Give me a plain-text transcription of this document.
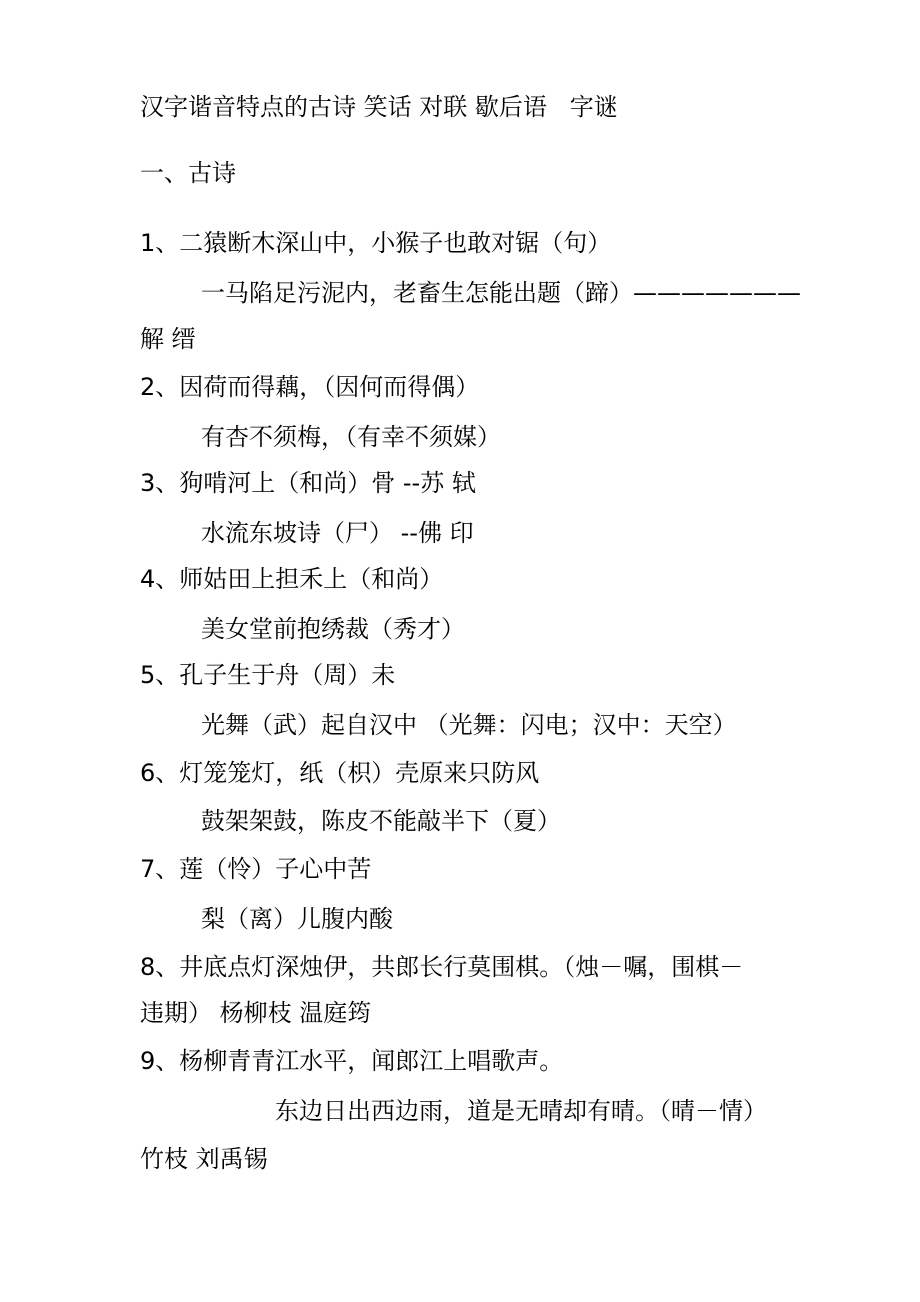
汉字谐音特点的古诗 笑话 对联 歇后语   字谜

一、古诗

1、二猿断木深山中，小猴子也敢对锯（句）

一马陷足污泥内，老畜生怎能出题（蹄）———————

解 缙

2、因荷而得藕，（因何而得偶）

有杏不须梅，（有幸不须媒）

3、狗啃河上（和尚）骨 --苏 轼

水流东坡诗（尸） --佛 印

4、师姑田上担禾上（和尚）

美女堂前抱绣裁（秀才）

5、孔子生于舟（周）未

光舞（武）起自汉中 （光舞：闪电；汉中：天空）

6、灯笼笼灯，纸（枳）壳原来只防风

鼓架架鼓，陈皮不能敲半下（夏）

7、莲（怜）子心中苦

梨（离）儿腹内酸

8、井底点灯深烛伊，共郎长行莫围棋。（烛－嘱，围棋－

违期） 杨柳枝 温庭筠

9、杨柳青青江水平，闻郎江上唱歌声。

东边日出西边雨，道是无晴却有晴。（晴－情）

竹枝 刘禹锡
